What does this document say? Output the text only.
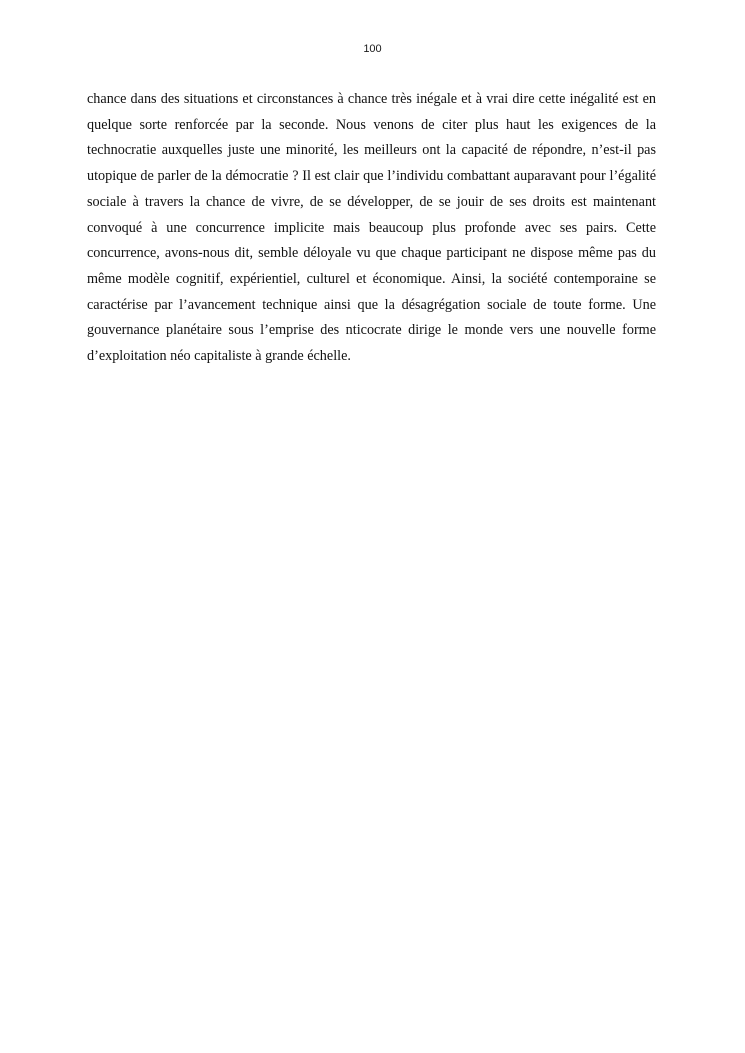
100

chance dans des situations et circonstances à chance très inégale et à vrai dire cette inégalité est en quelque sorte renforcée par la seconde. Nous venons de citer plus haut les exigences de la technocratie auxquelles juste une minorité, les meilleurs ont la capacité de répondre, n’est-il pas utopique de parler de la démocratie ? Il est clair que l’individu combattant auparavant pour l’égalité sociale à travers la chance de vivre, de se développer, de se jouir de ses droits est maintenant convoqué à une concurrence implicite mais beaucoup plus profonde avec ses pairs. Cette concurrence, avons-nous dit, semble déloyale vu que chaque participant ne dispose même pas du même modèle cognitif, expérientiel, culturel et économique. Ainsi, la société contemporaine se caractérise par l’avancement technique ainsi que la désagrégation sociale de toute forme. Une gouvernance planétaire sous l’emprise des nticocrate dirige le monde vers une nouvelle forme d’exploitation néo capitaliste à grande échelle.
